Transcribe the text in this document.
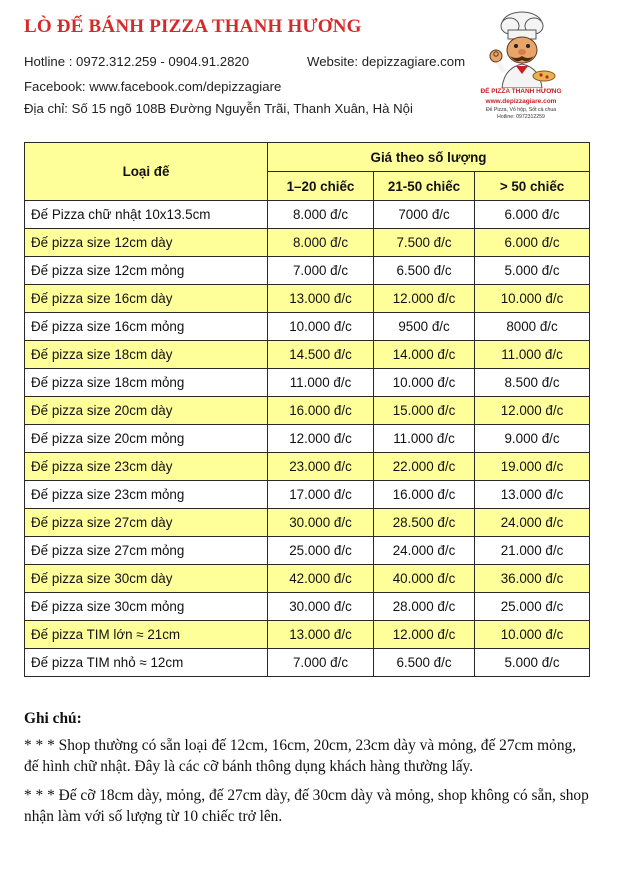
LÒ ĐẾ BÁNH PIZZA THANH HƯƠNG
Hotline : 0972.312.259 - 0904.91.2820	Website: depizzagiare.com
Facebook: www.facebook.com/depizzagiare
Địa chỉ: Số 15 ngõ 108B Đường Nguyễn Trãi, Thanh Xuân, Hà Nội
ĐẾ PIZZA THANH HƯƠNG
www.depizzagiare.com
Đế Pizza, Vỏ hộp, Sốt cà chua
Hotline: 0972312259
Loại đế	Giá theo số lượng		
	1–20 chiếc	21-50 chiếc	> 50 chiếc
Đế Pizza chữ nhật 10x13.5cm	8.000 đ/c	7000 đ/c	6.000 đ/c
Đế pizza size 12cm dày	8.000 đ/c	7.500 đ/c	6.000 đ/c
Đế pizza size 12cm mỏng	7.000 đ/c	6.500 đ/c	5.000 đ/c
Đế pizza size 16cm dày	13.000 đ/c	12.000 đ/c	10.000 đ/c
Đế pizza size 16cm mỏng	10.000 đ/c	9500 đ/c	8000 đ/c
Đế pizza size 18cm dày	14.500 đ/c	14.000 đ/c	11.000 đ/c
Đế pizza size 18cm mỏng	11.000 đ/c	10.000 đ/c	8.500 đ/c
Đế pizza size 20cm dày	16.000 đ/c	15.000 đ/c	12.000 đ/c
Đế pizza size 20cm mỏng	12.000 đ/c	11.000 đ/c	9.000 đ/c
Đế pizza size 23cm dày	23.000 đ/c	22.000 đ/c	19.000 đ/c
Đế pizza size 23cm mỏng	17.000 đ/c	16.000 đ/c	13.000 đ/c
Đế pizza size 27cm dày	30.000 đ/c	28.500 đ/c	24.000 đ/c
Đế pizza size 27cm mỏng	25.000 đ/c	24.000 đ/c	21.000 đ/c
Đế pizza size 30cm dày	42.000 đ/c	40.000 đ/c	36.000 đ/c
Đế pizza size 30cm mỏng	30.000 đ/c	28.000 đ/c	25.000 đ/c
Đế pizza TIM lớn ≈ 21cm	13.000 đ/c	12.000 đ/c	10.000 đ/c
Đế pizza TIM nhỏ ≈ 12cm	7.000 đ/c	6.500 đ/c	5.000 đ/c
Ghi chú:

* * * Shop thường có sẵn loại đế 12cm, 16cm, 20cm, 23cm dày và mỏng, đế 27cm mỏng, đế hình chữ nhật. Đây là các cỡ bánh thông dụng khách hàng thường lấy.

* * * Đế cỡ 18cm dày, mỏng, đế 27cm dày, đế 30cm dày và mỏng, shop không có sẵn, shop nhận làm với số lượng từ 10 chiếc trở lên.
